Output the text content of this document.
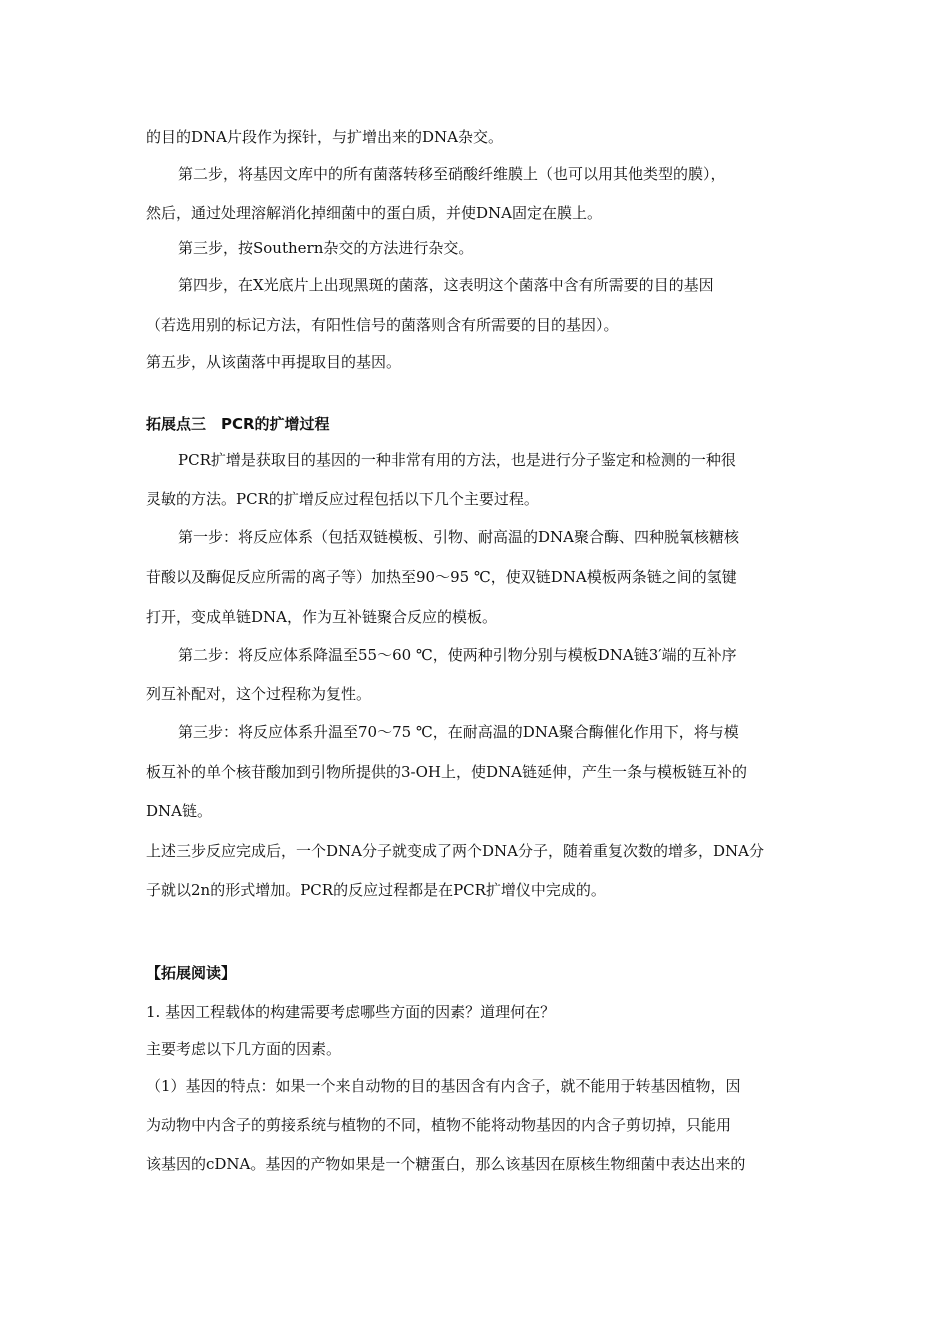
的目的DNA片段作为探针，与扩增出来的DNA杂交。
第二步，将基因文库中的所有菌落转移至硝酸纤维膜上（也可以用其他类型的膜），
然后，通过处理溶解消化掉细菌中的蛋白质，并使DNA固定在膜上。
第三步，按Southern杂交的方法进行杂交。
第四步，在X光底片上出现黑斑的菌落，这表明这个菌落中含有所需要的目的基因
（若选用别的标记方法，有阳性信号的菌落则含有所需要的目的基因）。
第五步，从该菌落中再提取目的基因。
拓展点三　PCR的扩增过程
PCR扩增是获取目的基因的一种非常有用的方法，也是进行分子鉴定和检测的一种很
灵敏的方法。PCR的扩增反应过程包括以下几个主要过程。
第一步：将反应体系（包括双链模板、引物、耐高温的DNA聚合酶、四种脱氧核糖核
苷酸以及酶促反应所需的离子等）加热至90～95 ℃，使双链DNA模板两条链之间的氢键
打开，变成单链DNA，作为互补链聚合反应的模板。
第二步：将反应体系降温至55～60 ℃，使两种引物分别与模板DNA链3′端的互补序
列互补配对，这个过程称为复性。
第三步：将反应体系升温至70～75 ℃，在耐高温的DNA聚合酶催化作用下，将与模
板互补的单个核苷酸加到引物所提供的3-OH上，使DNA链延伸，产生一条与模板链互补的
DNA链。
上述三步反应完成后，一个DNA分子就变成了两个DNA分子，随着重复次数的增多，DNA分
子就以2n的形式增加。PCR的反应过程都是在PCR扩增仪中完成的。
【拓展阅读】
1. 基因工程载体的构建需要考虑哪些方面的因素？道理何在？
主要考虑以下几方面的因素。
（1）基因的特点：如果一个来自动物的目的基因含有内含子，就不能用于转基因植物，因
为动物中内含子的剪接系统与植物的不同，植物不能将动物基因的内含子剪切掉，只能用
该基因的cDNA。基因的产物如果是一个糖蛋白，那么该基因在原核生物细菌中表达出来的
